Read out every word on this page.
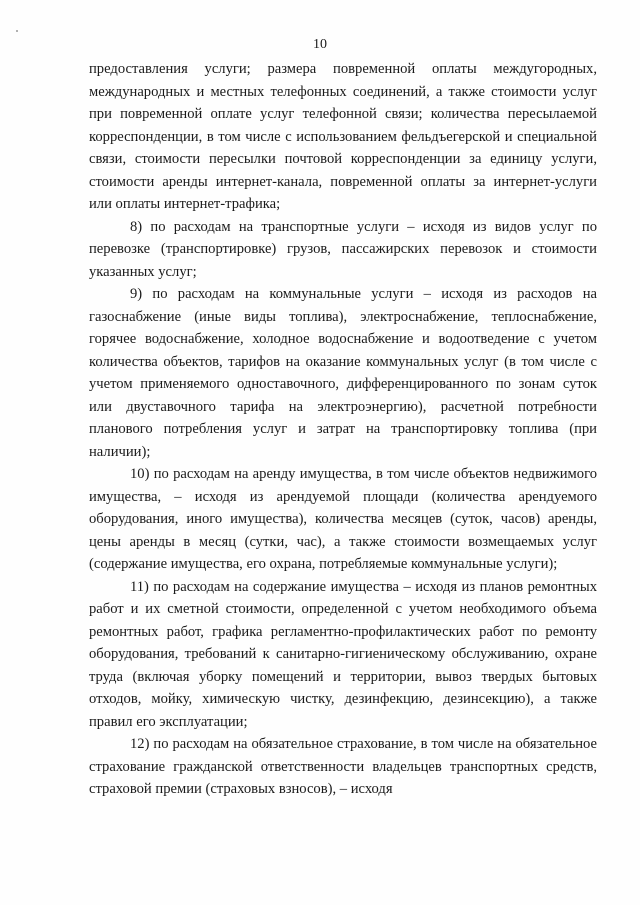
10

предоставления услуги; размера повременной оплаты междугородных, международных и местных телефонных соединений, а также стоимости услуг при повременной оплате услуг телефонной связи; количества пересылаемой корреспонденции, в том числе с использованием фельдъегерской и специальной связи, стоимости пересылки почтовой корреспонденции за единицу услуги, стоимости аренды интернет-канала, повременной оплаты за интернет-услуги или оплаты интернет-трафика;

8) по расходам на транспортные услуги – исходя из видов услуг по перевозке (транспортировке) грузов, пассажирских перевозок и стоимости указанных услуг;

9) по расходам на коммунальные услуги – исходя из расходов на газоснабжение (иные виды топлива), электроснабжение, теплоснабжение, горячее водоснабжение, холодное водоснабжение и водоотведение с учетом количества объектов, тарифов на оказание коммунальных услуг (в том числе с учетом применяемого одноставочного, дифференцированного по зонам суток или двуставочного тарифа на электроэнергию), расчетной потребности планового потребления услуг и затрат на транспортировку топлива (при наличии);

10) по расходам на аренду имущества, в том числе объектов недвижимого имущества, – исходя из арендуемой площади (количества арендуемого оборудования, иного имущества), количества месяцев (суток, часов) аренды, цены аренды в месяц (сутки, час), а также стоимости возмещаемых услуг (содержание имущества, его охрана, потребляемые коммунальные услуги);

11) по расходам на содержание имущества – исходя из планов ремонтных работ и их сметной стоимости, определенной с учетом необходимого объема ремонтных работ, графика регламентно-профилактических работ по ремонту оборудования, требований к санитарно-гигиеническому обслуживанию, охране труда (включая уборку помещений и территории, вывоз твердых бытовых отходов, мойку, химическую чистку, дезинфекцию, дезинсекцию), а также правил его эксплуатации;

12) по расходам на обязательное страхование, в том числе на обязательное страхование гражданской ответственности владельцев транспортных средств, страховой премии (страховых взносов), – исходя
